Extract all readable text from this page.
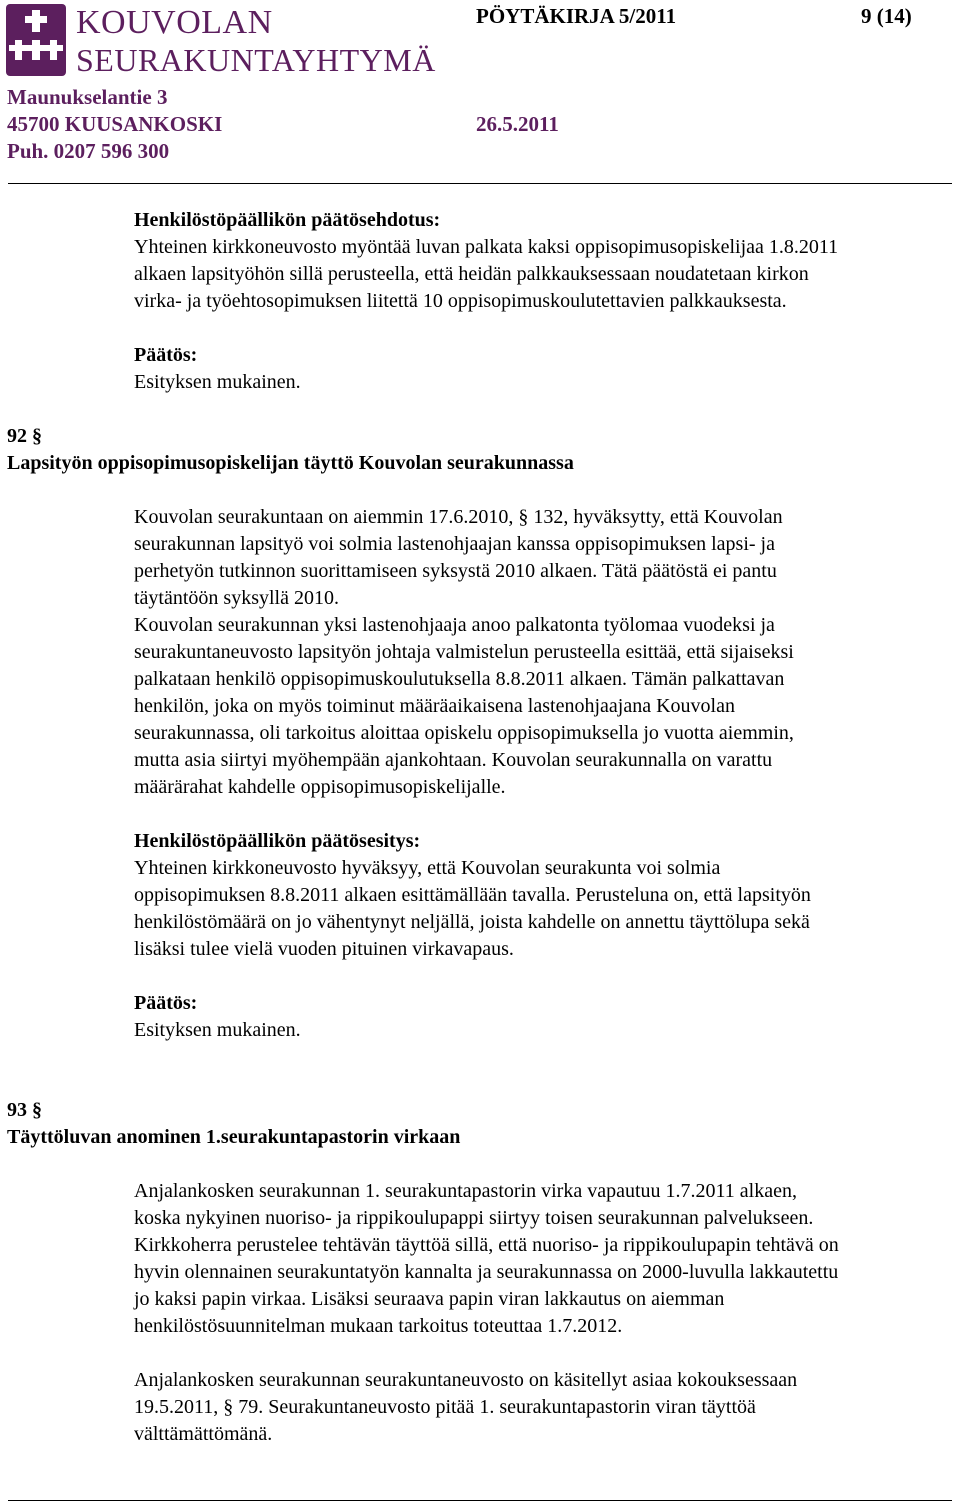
KOUVOLAN
SEURAKUNTAYHTYMÄ
PÖYTÄKIRJA 5/2011	9 (14)
Maunukselantie 3
45700 KUUSANKOSKI	26.5.2011
Puh. 0207 596 300
Henkilöstöpäällikön päätösehdotus:
Yhteinen kirkkoneuvosto myöntää luvan palkata kaksi oppisopimusopiskelijaa 1.8.2011
alkaen lapsityöhön sillä perusteella, että heidän palkkauksessaan noudatetaan kirkon
virka- ja työehtosopimuksen liitettä 10 oppisopimuskoulutettavien palkkauksesta.
Päätös:
Esityksen mukainen.
92 §
Lapsityön oppisopimusopiskelijan täyttö Kouvolan seurakunnassa
Kouvolan seurakuntaan on aiemmin 17.6.2010, § 132, hyväksytty, että Kouvolan
seurakunnan lapsityö voi solmia lastenohjaajan kanssa oppisopimuksen lapsi- ja
perhetyön tutkinnon suorittamiseen syksystä 2010 alkaen. Tätä päätöstä ei pantu
täytäntöön syksyllä 2010.
Kouvolan seurakunnan yksi lastenohjaaja anoo palkatonta työlomaa vuodeksi ja
seurakuntaneuvosto lapsityön johtaja valmistelun perusteella esittää, että sijaiseksi
palkataan henkilö oppisopimuskoulutuksella 8.8.2011 alkaen. Tämän palkattavan
henkilön, joka on myös toiminut määräaikaisena lastenohjaajana Kouvolan
seurakunnassa, oli tarkoitus aloittaa opiskelu oppisopimuksella jo vuotta aiemmin,
mutta asia siirtyi myöhempään ajankohtaan. Kouvolan seurakunnalla on varattu
määrärahat kahdelle oppisopimusopiskelijalle.
Henkilöstöpäällikön päätösesitys:
Yhteinen kirkkoneuvosto hyväksyy, että Kouvolan seurakunta voi solmia
oppisopimuksen 8.8.2011 alkaen esittämällään tavalla. Perusteluna on, että lapsityön
henkilöstömäärä on jo vähentynyt neljällä, joista kahdelle on annettu täyttölupa sekä
lisäksi tulee vielä vuoden pituinen virkavapaus.
Päätös:
Esityksen mukainen.
93 §
Täyttöluvan anominen 1.seurakuntapastorin virkaan
Anjalankosken seurakunnan 1. seurakuntapastorin virka vapautuu 1.7.2011 alkaen,
koska nykyinen nuoriso- ja rippikoulupappi siirtyy toisen seurakunnan palvelukseen.
Kirkkoherra perustelee tehtävän täyttöä sillä, että nuoriso- ja rippikoulupapin tehtävä on
hyvin olennainen seurakuntatyön kannalta ja seurakunnassa on 2000-luvulla lakkautettu
jo kaksi papin virkaa. Lisäksi seuraava papin viran lakkautus on aiemman
henkilöstösuunnitelman mukaan tarkoitus toteuttaa 1.7.2012.
Anjalankosken seurakunnan seurakuntaneuvosto on käsitellyt asiaa kokouksessaan
19.5.2011, § 79. Seurakuntaneuvosto pitää 1. seurakuntapastorin viran täyttöä
välttämättömänä.
